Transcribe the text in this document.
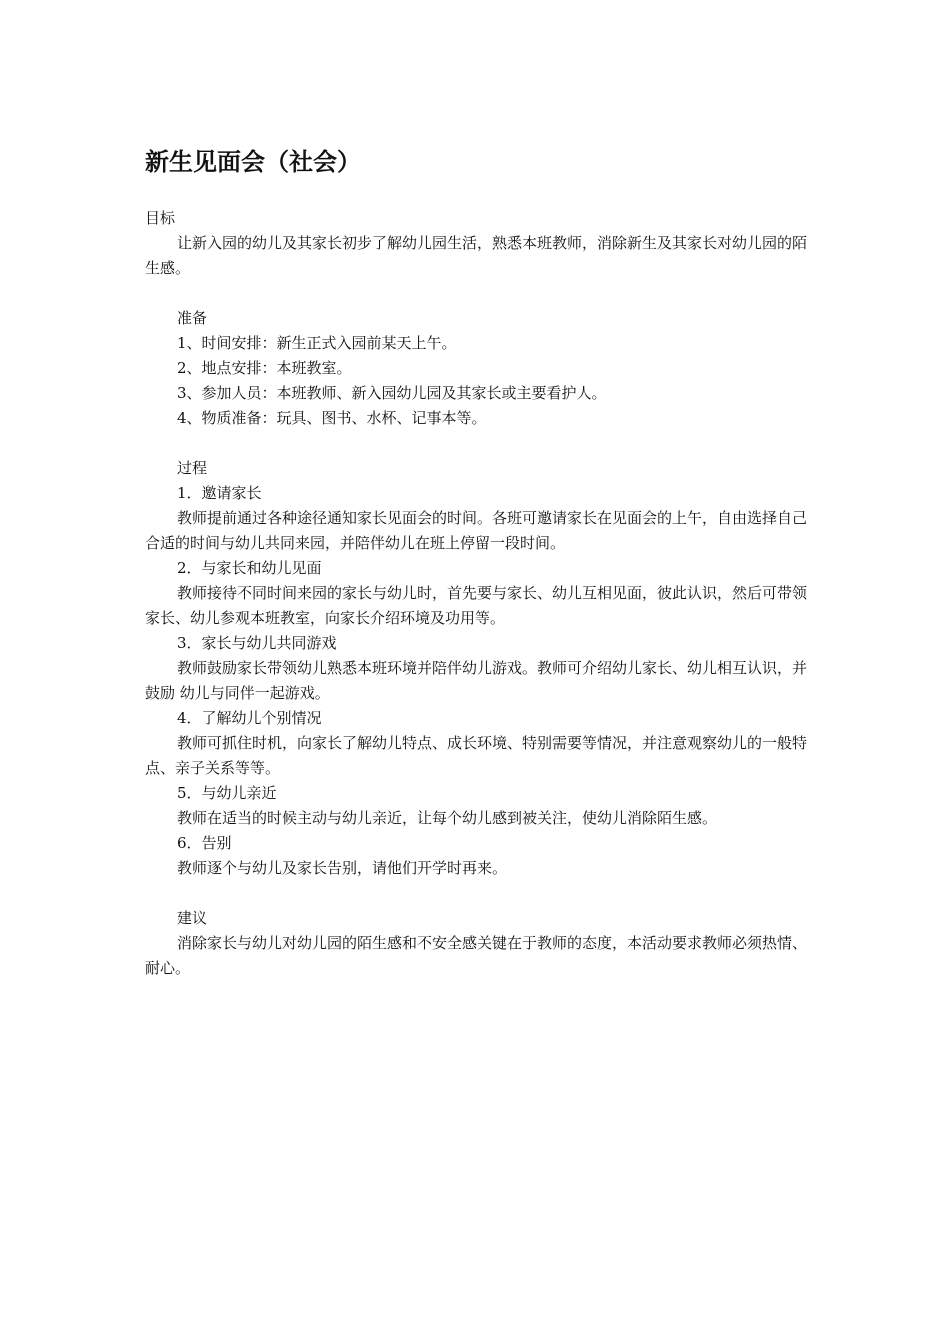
新生见面会（社会）

目标

让新入园的幼儿及其家长初步了解幼儿园生活，熟悉本班教师，消除新生及其家长对幼儿园的陌生感。

准备

1、时间安排：新生正式入园前某天上午。

2、地点安排：本班教室。

3、参加人员：本班教师、新入园幼儿园及其家长或主要看护人。

4、物质准备：玩具、图书、水杯、记事本等。

过程

1．邀请家长

教师提前通过各种途径通知家长见面会的时间。各班可邀请家长在见面会的上午，自由选择自己合适的时间与幼儿共同来园，并陪伴幼儿在班上停留一段时间。

2．与家长和幼儿见面

教师接待不同时间来园的家长与幼儿时，首先要与家长、幼儿互相见面，彼此认识，然后可带领家长、幼儿参观本班教室，向家长介绍环境及功用等。

3．家长与幼儿共同游戏

教师鼓励家长带领幼儿熟悉本班环境并陪伴幼儿游戏。教师可介绍幼儿家长、幼儿相互认识，并鼓励 幼儿与同伴一起游戏。

4．了解幼儿个别情况

教师可抓住时机，向家长了解幼儿特点、成长环境、特别需要等情况，并注意观察幼儿的一般特点、亲子关系等等。

5．与幼儿亲近

教师在适当的时候主动与幼儿亲近，让每个幼儿感到被关注，使幼儿消除陌生感。

6．告别

教师逐个与幼儿及家长告别，请他们开学时再来。

建议

消除家长与幼儿对幼儿园的陌生感和不安全感关键在于教师的态度，本活动要求教师必须热情、耐心。
